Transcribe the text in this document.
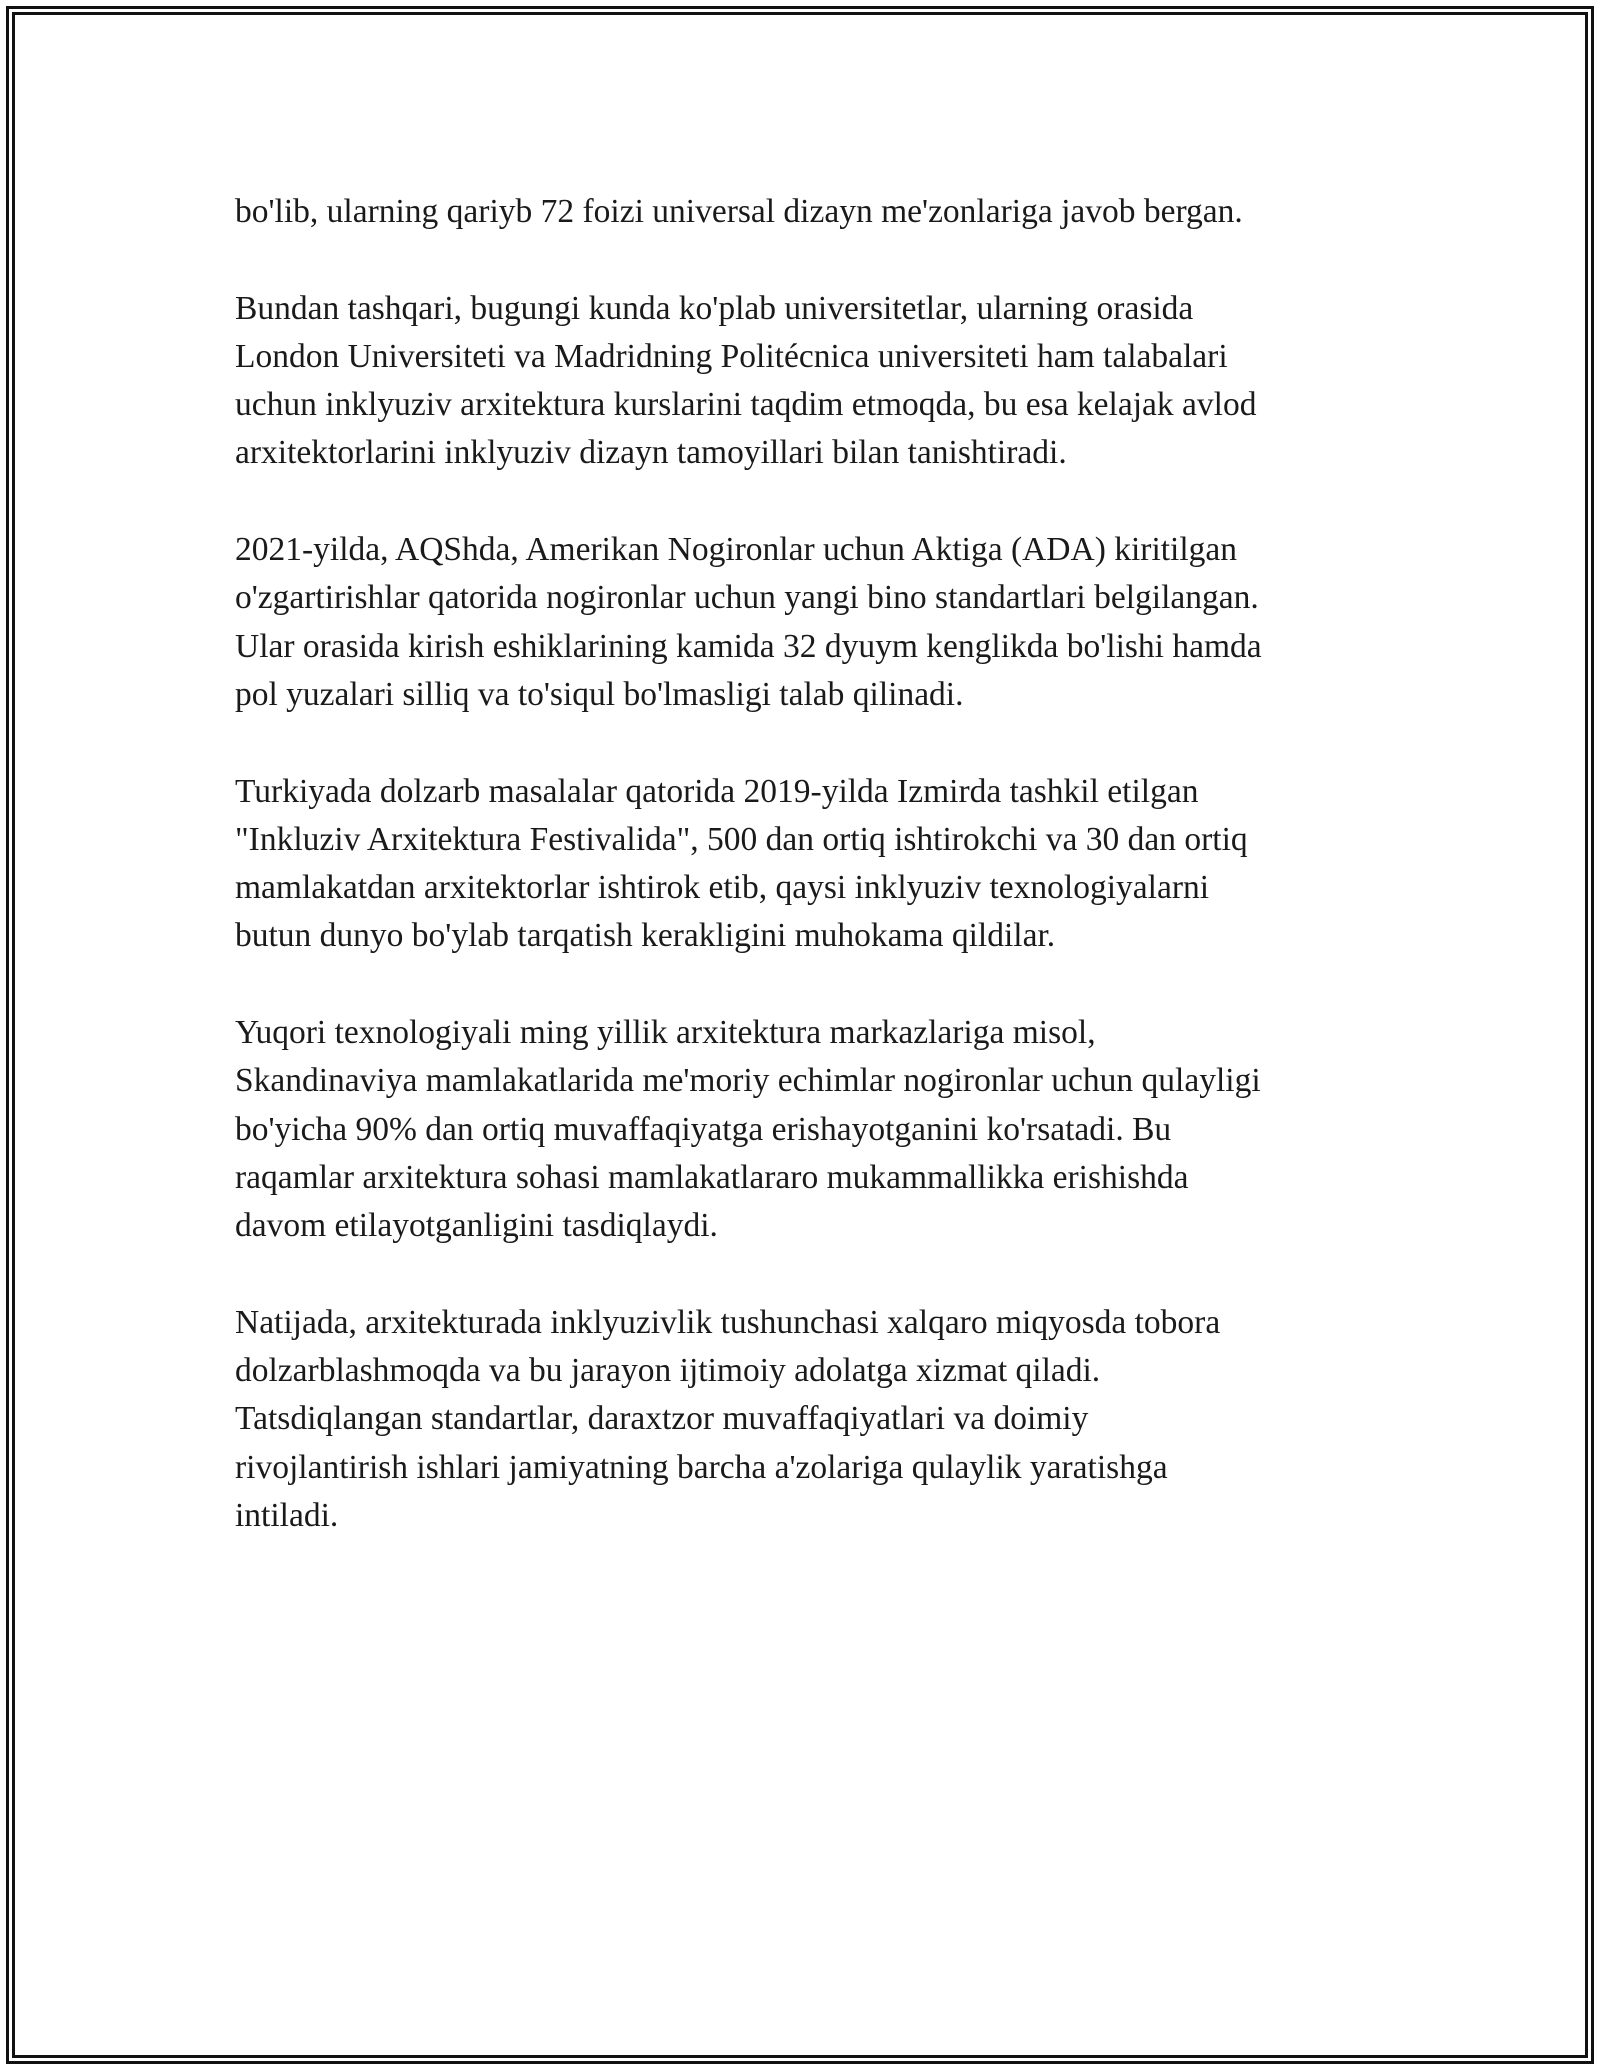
bo'lib, ularning qariyb 72 foizi universal dizayn me'zonlariga javob bergan.

Bundan tashqari, bugungi kunda ko'plab universitetlar, ularning orasida
London Universiteti va Madridning Politécnica universiteti ham talabalari
uchun inklyuziv arxitektura kurslarini taqdim etmoqda, bu esa kelajak avlod
arxitektorlarini inklyuziv dizayn tamoyillari bilan tanishtiradi.

2021-yilda, AQShda, Amerikan Nogironlar uchun Aktiga (ADA) kiritilgan
o'zgartirishlar qatorida nogironlar uchun yangi bino standartlari belgilangan.
Ular orasida kirish eshiklarining kamida 32 dyuym kenglikda bo'lishi hamda
pol yuzalari silliq va to'siqul bo'lmasligi talab qilinadi.

Turkiyada dolzarb masalalar qatorida 2019-yilda Izmirda tashkil etilgan
"Inkluziv Arxitektura Festivalida", 500 dan ortiq ishtirokchi va 30 dan ortiq
mamlakatdan arxitektorlar ishtirok etib, qaysi inklyuziv texnologiyalarni
butun dunyo bo'ylab tarqatish kerakligini muhokama qildilar.

Yuqori texnologiyali ming yillik arxitektura markazlariga misol,
Skandinaviya mamlakatlarida me'moriy echimlar nogironlar uchun qulayligi
bo'yicha 90% dan ortiq muvaffaqiyatga erishayotganini ko'rsatadi. Bu
raqamlar arxitektura sohasi mamlakatlararo mukammallikka erishishda
davom etilayotganligini tasdiqlaydi.

Natijada, arxitekturada inklyuzivlik tushunchasi xalqaro miqyosda tobora
dolzarblashmoqda va bu jarayon ijtimoiy adolatga xizmat qiladi.
Tatsdiqlangan standartlar, daraxtzor muvaffaqiyatlari va doimiy
rivojlantirish ishlari jamiyatning barcha a'zolariga qulaylik yaratishga
intiladi.
